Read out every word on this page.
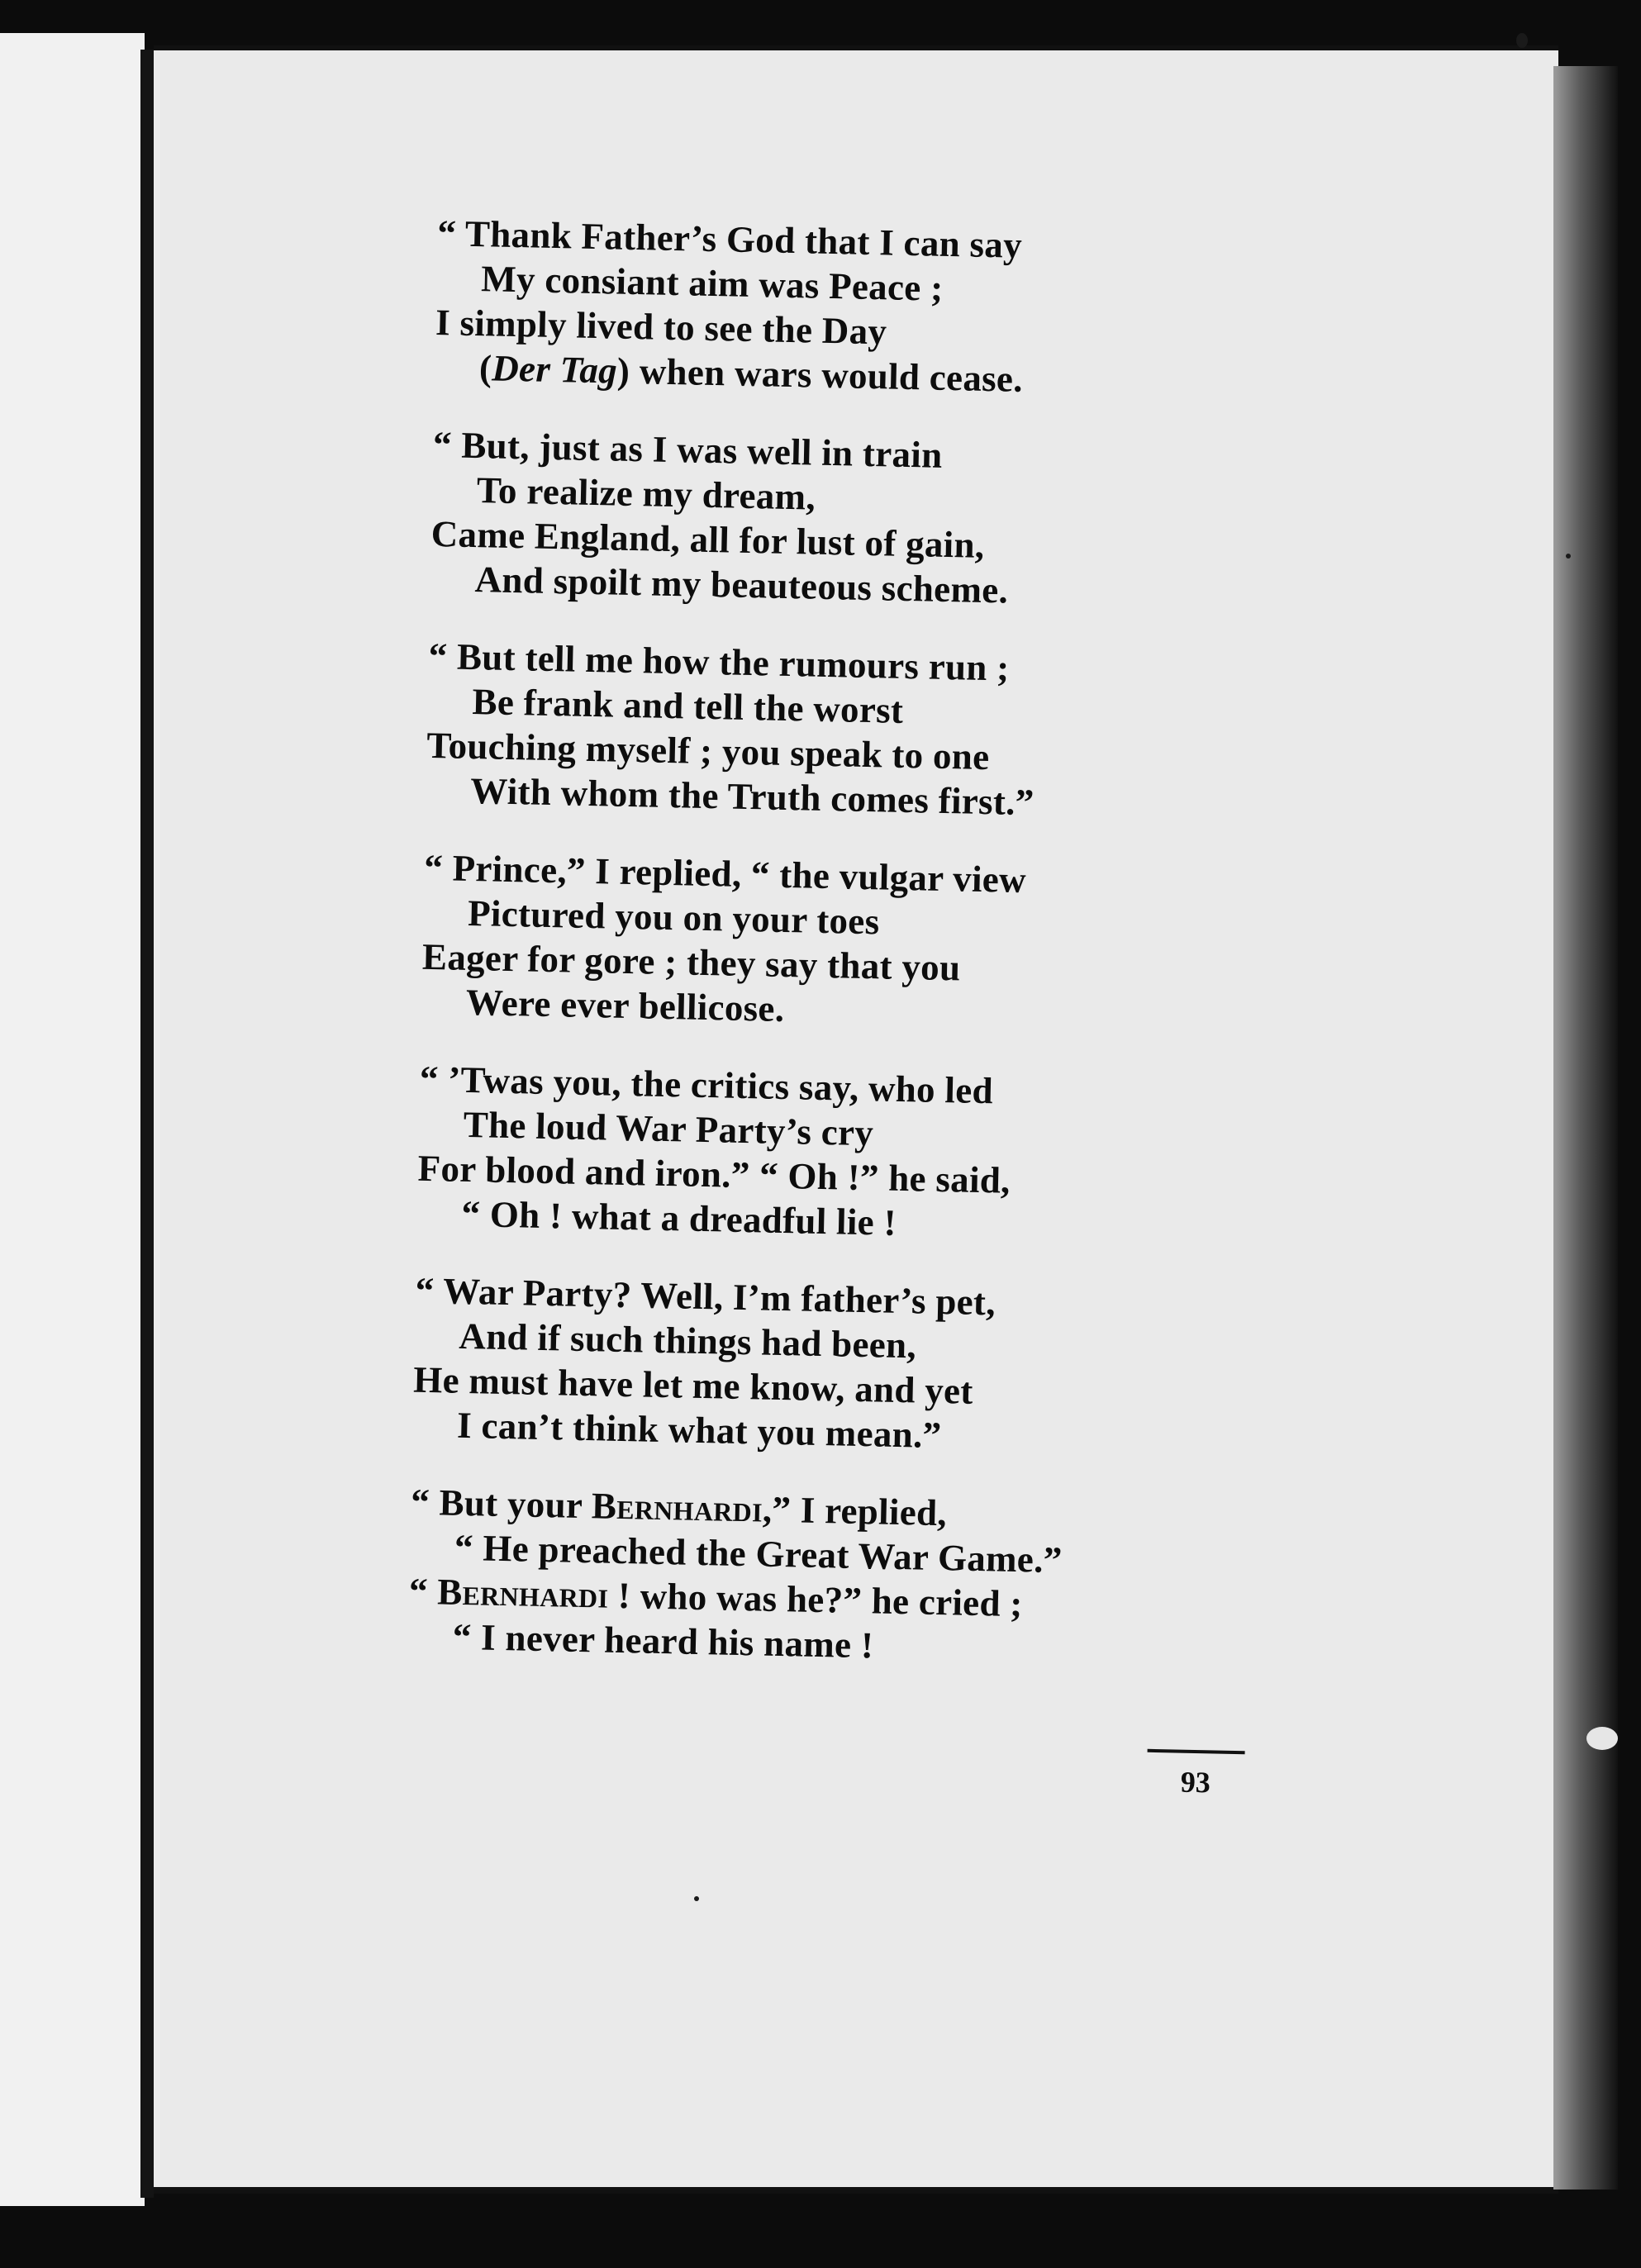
“ Thank Father’s God that I can say
My consiant aim was Peace ;
I simply lived to see the Day
(Der Tag) when wars would cease.
“ But, just as I was well in train
To realize my dream,
Came England, all for lust of gain,
And spoilt my beauteous scheme.
“ But tell me how the rumours run ;
Be frank and tell the worst
Touching myself ; you speak to one
With whom the Truth comes first.”
“ Prince,” I replied, “ the vulgar view
Pictured you on your toes
Eager for gore ; they say that you
Were ever bellicose.
“ ’Twas you, the critics say, who led
The loud War Party’s cry
For blood and iron.” “ Oh !” he said,
“ Oh ! what a dreadful lie !
“ War Party? Well, I’m father’s pet,
And if such things had been,
He must have let me know, and yet
I can’t think what you mean.”
“ But your Bernhardi,” I replied,
“ He preached the Great War Game.”
“ Bernhardi ! who was he?” he cried ;
“ I never heard his name !
93
